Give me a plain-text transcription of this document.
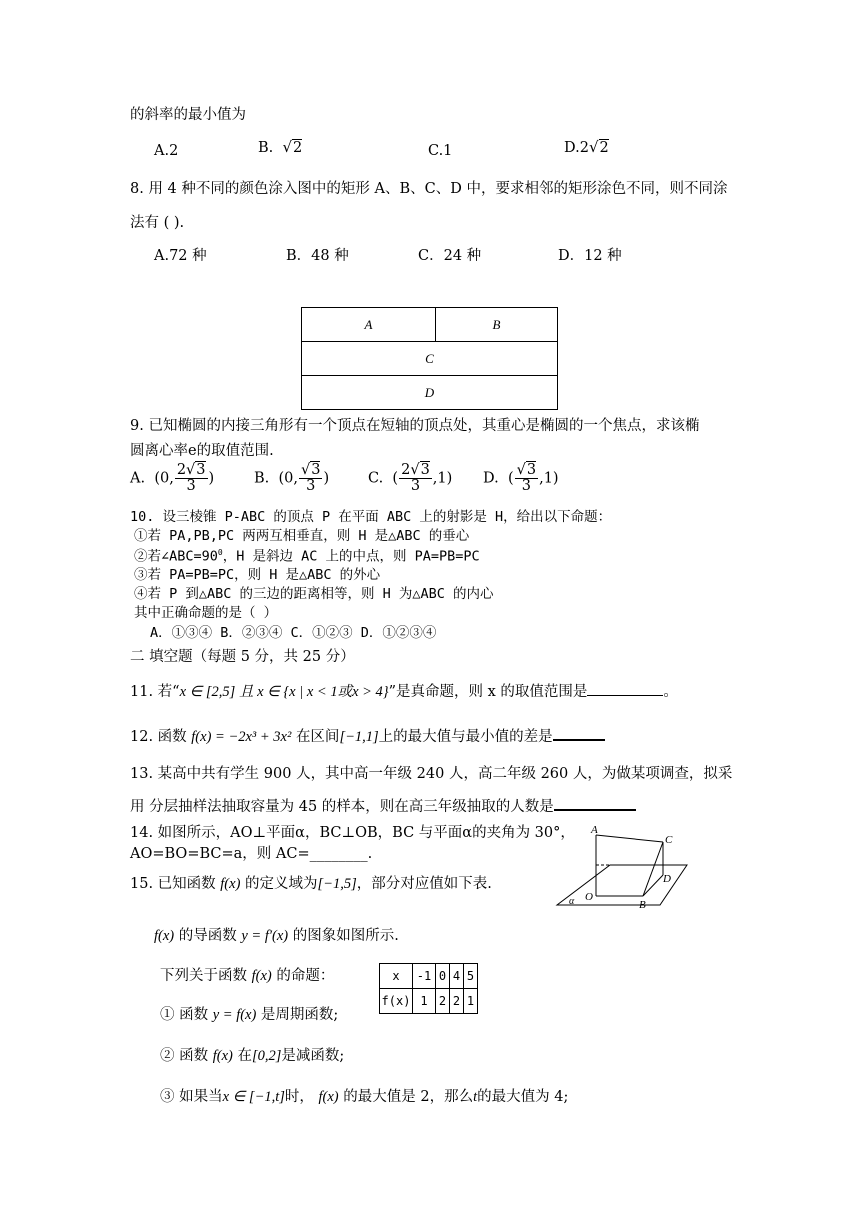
的斜率的最小值为
A.2	B. √2	C.1	D.2√2
8. 用 4 种不同的颜色涂入图中的矩形 A、B、C、D 中，要求相邻的矩形涂色不同，则不同涂
法有 ( ).
A.72 种	B．48 种	C．24 种	D．12 种
A	B
C
D
9. 已知椭圆的内接三角形有一个顶点在短轴的顶点处，其重心是椭圆的一个焦点，求该椭
圆离心率e的取值范围.
A. (0, $\frac{2√3}{3}$ )	B. (0, $\frac{√3}{3}$ )	C. ( $\frac{2√3}{3} ,1$) D. ( $\frac{√3}{3} ,1$)
10. 设三棱锥 P-ABC 的顶点 P 在平面 ABC 上的射影是 H，给出以下命题：
①若 PA,PB,PC 两两互相垂直，则 H 是△ABC 的垂心
②若$\angle ABC=90^0$，H 是斜边 AC 上的中点，则 PA=PB=PC
③若 PA=PB=PC，则 H 是△ABC 的外心
④若 P 到△ABC 的三边的距离相等，则 H 为△ABC 的内心
其中正确命题的是（ ）
A．①③④ B．②③④ C．①②③ D．①②③④
二 填空题（每题 5 分，共 25 分）
11. 若“x ∈ [2,5] 且 x ∈ {x | x < 1或x > 4}”是真命题，则 x 的取值范围是	。
12. 函数 f(x) = −2x³ + 3x² 在区间[−1,1]上的最大值与最小值的差是
13. 某高中共有学生 900 人，其中高一年级 240 人，高二年级 260 人，为做某项调查，拟采
用 分层抽样法抽取容量为 45 的样本，则在高三年级抽取的人数是
14. 如图所示，AO⊥平面α，BC⊥OB，BC 与平面α的夹角为 30°，
AO=BO=BC=a，则 AC=________.
A
C
O
B
D
α
15. 已知函数 f(x) 的定义域为[−1,5]，部分对应值如下表.
f(x) 的导函数 y = f′(x) 的图象如图所示.
下列关于函数 f(x) 的命题：	x	-1	0	4	5
f(x)	1	2	2	1
① 函数 y = f(x) 是周期函数;
② 函数 f(x) 在[0,2]是减函数;
③ 如果当x ∈ [−1,t]时， f(x) 的最大值是 2，那么t的最大值为 4;
